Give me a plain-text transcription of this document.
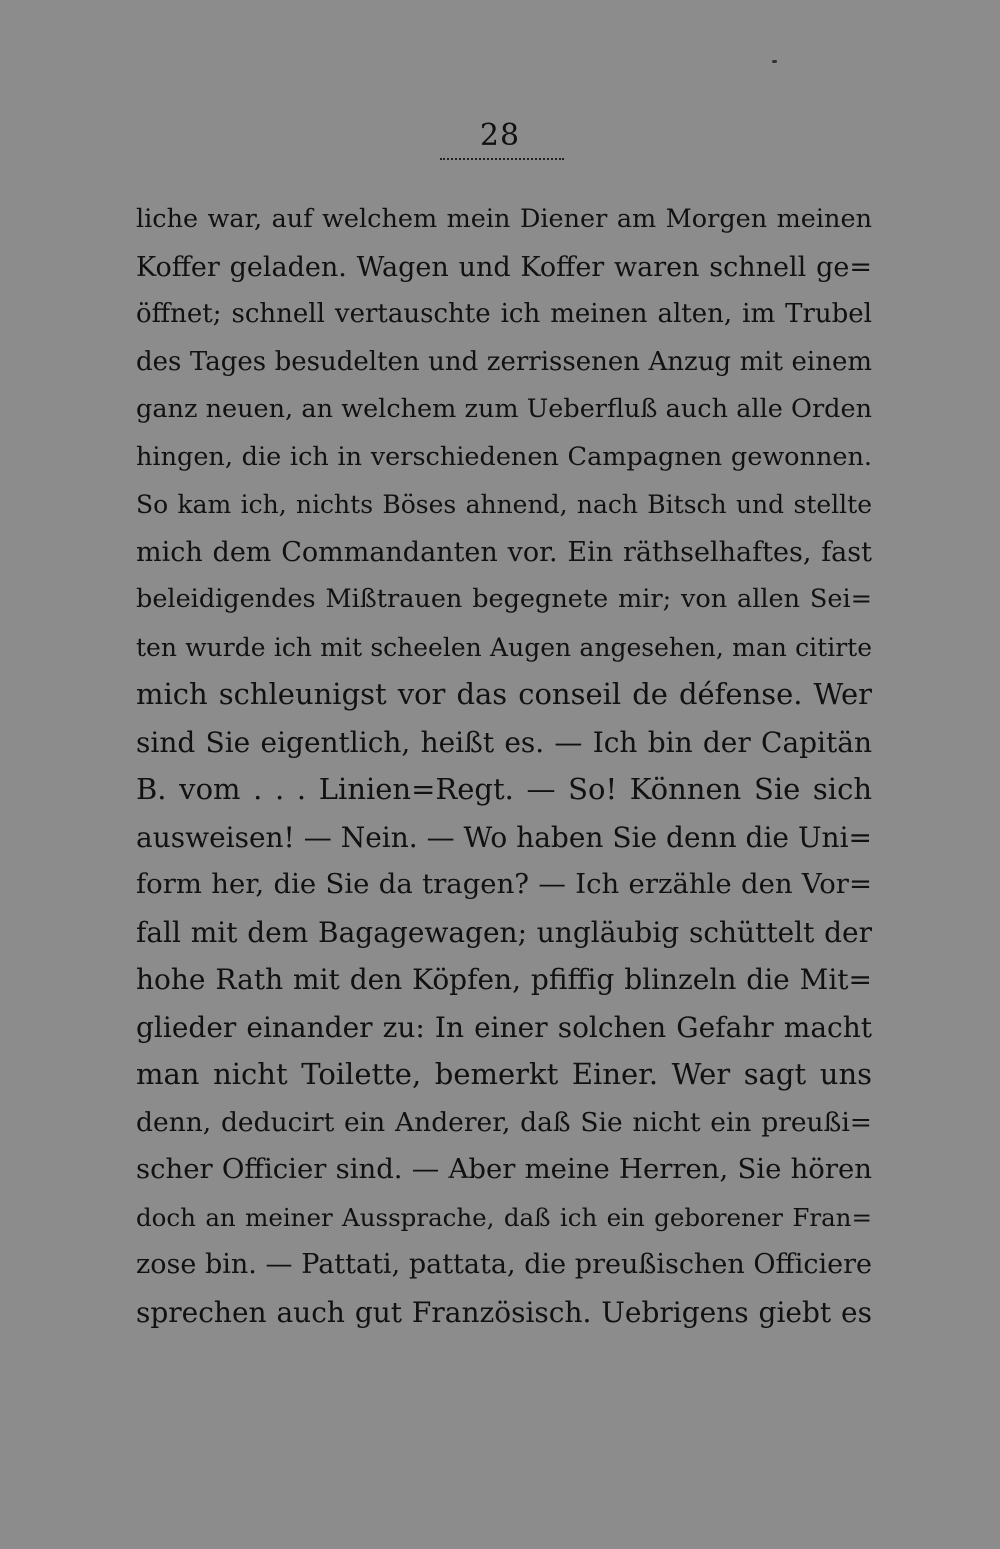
28
liche war, auf welchem mein Diener am Morgen meinen
Koffer geladen. Wagen und Koffer waren schnell ge=
öffnet; schnell vertauschte ich meinen alten, im Trubel
des Tages besudelten und zerrissenen Anzug mit einem
ganz neuen, an welchem zum Ueberfluß auch alle Orden
hingen, die ich in verschiedenen Campagnen gewonnen.
So kam ich, nichts Böses ahnend, nach Bitsch und stellte
mich dem Commandanten vor. Ein räthselhaftes, fast
beleidigendes Mißtrauen begegnete mir; von allen Sei=
ten wurde ich mit scheelen Augen angesehen, man citirte
mich schleunigst vor das conseil de défense. Wer
sind Sie eigentlich, heißt es. — Ich bin der Capitän
B. vom . . . Linien=Regt. — So! Können Sie sich
ausweisen! — Nein. — Wo haben Sie denn die Uni=
form her, die Sie da tragen? — Ich erzähle den Vor=
fall mit dem Bagagewagen; ungläubig schüttelt der
hohe Rath mit den Köpfen, pfiffig blinzeln die Mit=
glieder einander zu: In einer solchen Gefahr macht
man nicht Toilette, bemerkt Einer. Wer sagt uns
denn, deducirt ein Anderer, daß Sie nicht ein preußi=
scher Officier sind. — Aber meine Herren, Sie hören
doch an meiner Aussprache, daß ich ein geborener Fran=
zose bin. — Pattati, pattata, die preußischen Officiere
sprechen auch gut Französisch. Uebrigens giebt es
